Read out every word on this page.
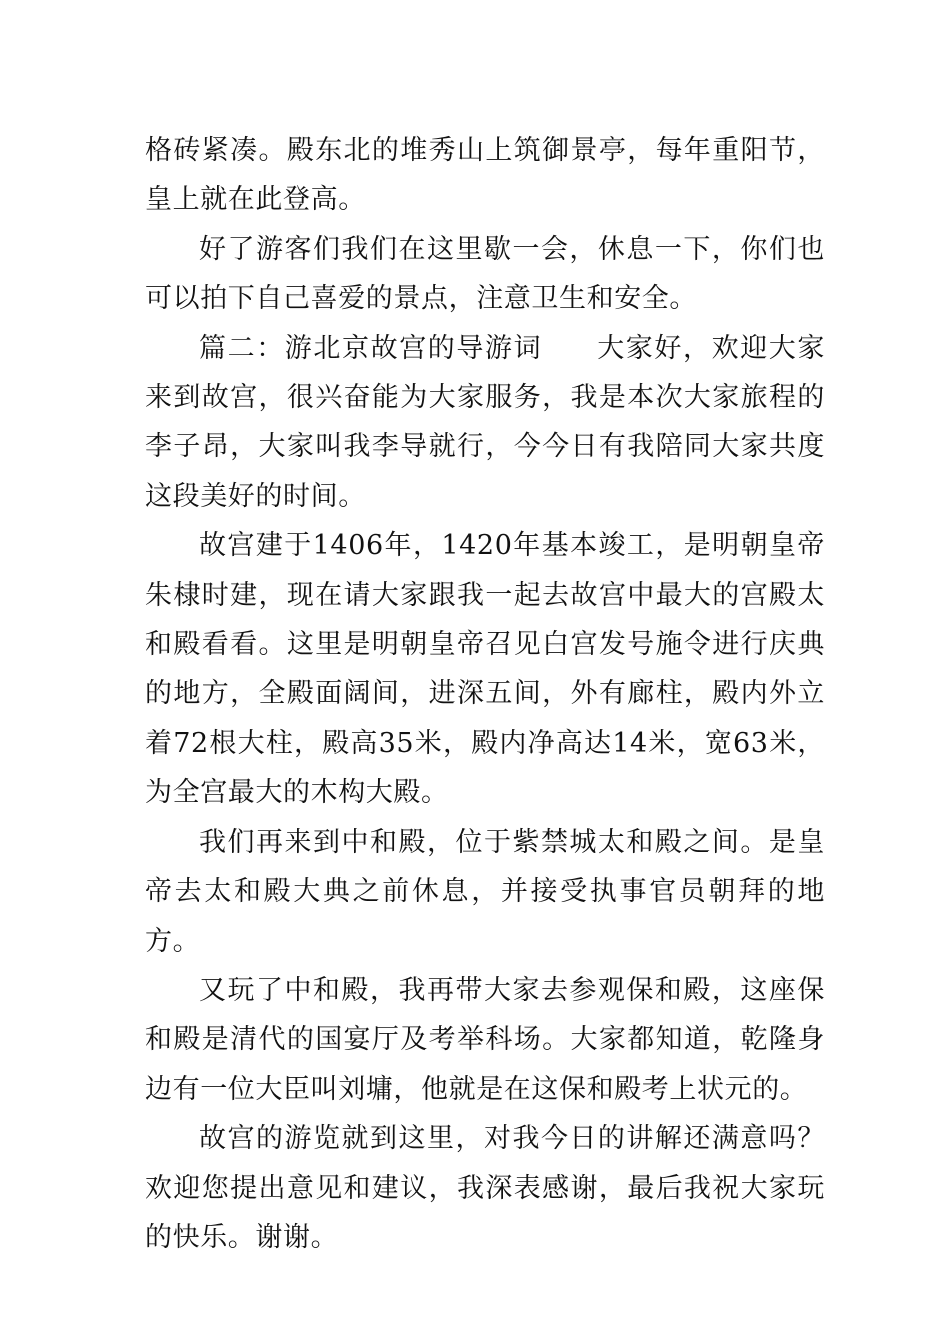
格砖紧凑。殿东北的堆秀山上筑御景亭，每年重阳节，皇上就在此登高。

好了游客们我们在这里歇一会，休息一下，你们也可以拍下自己喜爱的景点，注意卫生和安全。

篇二：游北京故宫的导游词 大家好，欢迎大家来到故宫，很兴奋能为大家服务，我是本次大家旅程的李子昂，大家叫我李导就行，今今日有我陪同大家共度这段美好的时间。

故宫建于1406年，1420年基本竣工，是明朝皇帝朱棣时建，现在请大家跟我一起去故宫中最大的宫殿太和殿看看。这里是明朝皇帝召见白宫发号施令进行庆典的地方，全殿面阔间，进深五间，外有廊柱，殿内外立着72根大柱，殿高35米，殿内净高达14米，宽63米，为全宫最大的木构大殿。

我们再来到中和殿，位于紫禁城太和殿之间。是皇帝去太和殿大典之前休息，并接受执事官员朝拜的地方。

又玩了中和殿，我再带大家去参观保和殿，这座保和殿是清代的国宴厅及考举科场。大家都知道，乾隆身边有一位大臣叫刘墉，他就是在这保和殿考上状元的。

故宫的游览就到这里，对我今日的讲解还满意吗？欢迎您提出意见和建议，我深表感谢，最后我祝大家玩的快乐。谢谢。
